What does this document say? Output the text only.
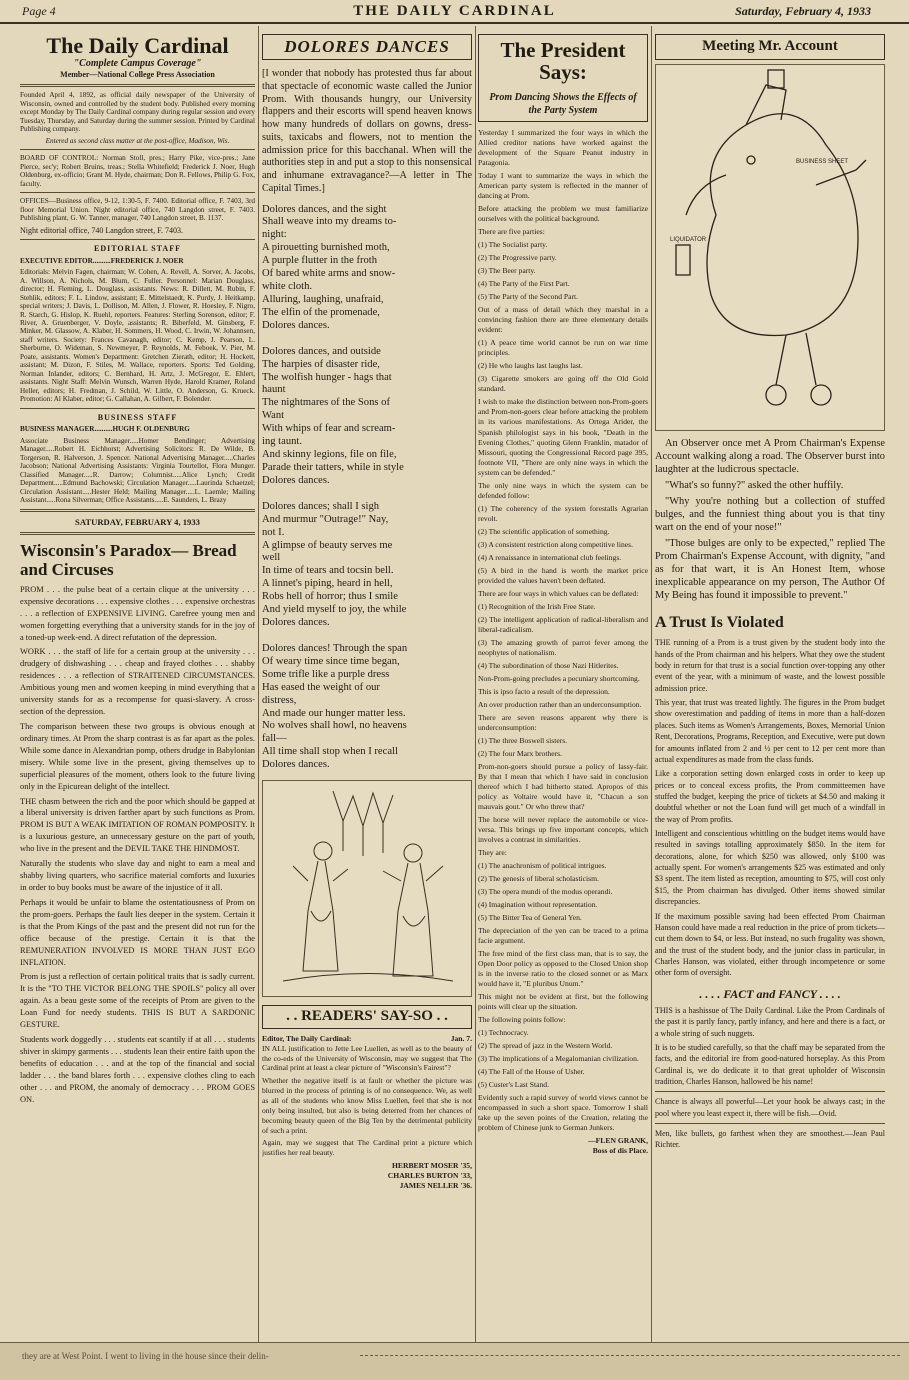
Page 4	THE DAILY CARDINAL	Saturday, February 4, 1933
The Daily Cardinal
"Complete Campus Coverage"
Member—National College Press Association

Founded April 4, 1892, as official daily newspaper of the University of Wisconsin, owned and controlled by the student body. Published every morning except Monday by The Daily Cardinal company during regular session and every Tuesday, Thursday, and Saturday during the summer session. Printed by Cardinal Publishing company.

Entered as second class matter at the post-office, Madison, Wis.

BOARD OF CONTROL: Norman Stoll, pres.; Harry Pike, vice-pres.; Jane Pierce, sec'y; Robert Bruins, treas.; Stella Whitefield; Frederick J. Noer, Hugh Oldenburg, ex-officio; Grant M. Hyde, chairman; Don R. Fellows, Philip G. Fox, faculty.

OFFICES—Business office, 9-12, 1:30-5, F. 7400. Editorial office, F. 7403, 3rd floor Memorial Union. Night editorial office, 740 Langdon street, F. 7403. Publishing plant, G. W. Tanner, manager, 740 Langdon street, B. 1137.

Night editorial office, 740 Langdon street, F. 7403.

EDITORIAL STAFF

EXECUTIVE EDITOR..........FREDERICK J. NOER

Editorials: Melvin Fagen, chairman; W. Cohen, A. Revell, A. Sorver, A. Jacobs, A. Willson, A. Nichols, M. Blum, C. Fuller. Personnel: Marian Douglass, director; H. Fleming, L. Douglass, assistants. News: R. Dillett, M. Rubin, F. Stehlik, editors; F. L. Lindow, assistant; E. Mittelstaedt, K. Purdy, J. Heitkamp, special writers; J. Davis, L. Dollison, M. Allen, J. Flower, R. Hoesley, F. Nigro, R. Starch, G. Hislop, K. Ruehl, reporters. Features: Sterling Sorenson, editor; F. River, A. Gruenberger, V. Doyle, assistants; R. Biberfeld, M. Ginsberg, F. Minker, M. Glassow, A. Klaber, H. Sommers, H. Wood, C. Irwin, W. Johannsen, staff writers. Society: Frances Cavanagh, editor; C. Kemp, J. Pearson, L. Sherburne, O. Wideman, S. Newmeyer, P. Reynolds, M. Feboek, V. Pier, M. Poate, assistants. Women's Department: Gretchen Zierath, editor; H. Hockett, assistant; M. Dizon, F. Stiles, M. Wallace, reporters. Sports: Ted Golding, Norman Inlander, editors; C. Bernhard, H. Artz, J. McGregor, E. Ehlert, assistants. Night Staff: Melvin Wunsch, Warren Hyde, Harold Kramer, Roland Heller, editors; H. Fredman, J. Schild, W. Little, O. Anderson, G. Krueck. Promotion: Al Klaber, editor; G. Callahan, A. Gilbert, F. Bolender.

BUSINESS STAFF

BUSINESS MANAGER..........HUGH F. OLDENBURG

Associate Business Manager.....Homer Bendinger; Advertising Manager.....Robert H. Eichhorst; Advertising Solicitors: R. De Wilde, B. Torgerson, R. Halverson, J. Spencer. National Advertising Manager.....Charles Jacobson; National Advertising Assistants: Virginia Tourtellot, Flora Munger. Classified Manager.....R. Darrow; Columnist.....Alice Lynch; Credit Department.....Edmund Bachowski; Circulation Manager.....Laurinda Schaetzel; Circulation Assistant.....Hester Held; Mailing Manager.....L. Laemle; Mailing Assistant.....Rona Silverman; Office Assistants.....E. Saunders, L. Brazy

SATURDAY, FEBRUARY 4, 1933
Wisconsin's Paradox— Bread and Circuses

PROM . . . the pulse beat of a certain clique at the university . . . expensive decorations . . . expensive clothes . . . expensive orchestras . . . a reflection of EXPENSIVE LIVING. Carefree young men and women forgetting everything that a university stands for in the joy of a toned-up week-end. A direct refutation of the depression.

WORK . . . the staff of life for a certain group at the university . . . drudgery of dishwashing . . . cheap and frayed clothes . . . shabby residences . . . a reflection of STRAITENED CIRCUMSTANCES. Ambitious young men and women keeping in mind everything that a university stands for as a recompense for quasi-slavery. A cross-section of the depression.

The comparison between these two groups is obvious enough at ordinary times. At Prom the sharp contrast is as far apart as the poles. While some dance in Alexandrian pomp, others drudge in Babylonian misery. While some live in the present, giving themselves up to superficial pleasures of the moment, others look to the future living only in the Epicurean delight of the intellect.

THE chasm between the rich and the poor which should be gapped at a liberal university is driven farther apart by such functions as Prom. PROM IS BUT A WEAK IMITATION OF ROMAN POMPOSITY. It is a luxurious gesture, an unnecessary gesture on the part of youth, who live in the present and the DEVIL TAKE THE HINDMOST.

Naturally the students who slave day and night to earn a meal and shabby living quarters, who sacrifice material comforts and luxuries in order to buy books must be aware of the injustice of it all.

Perhaps it would be unfair to blame the ostentatiousness of Prom on the prom-goers. Perhaps the fault lies deeper in the system. Certain it is that the Prom Kings of the past and the present did not run for the office because of the prestige. Certain it is that the REMUNERATION INVOLVED IS MORE THAN JUST EGO INFLATION.

Prom is just a reflection of certain political traits that is sadly current. It is the "TO THE VICTOR BELONG THE SPOILS" policy all over again. As a beau geste some of the receipts of Prom are given to the Loan Fund for needy students. THIS IS BUT A SARDONIC GESTURE.

Students work doggedly . . . students eat scantily if at all . . . students shiver in skimpy garments . . . students lean their entire faith upon the benefits of education . . . and at the top of the financial and social ladder . . . the band blares forth . . . expensive clothes cling to each other . . . and PROM, the anomaly of democracy . . . PROM GOES ON.

DOLORES DANCES

[I wonder that nobody has protested thus far about that spectacle of economic waste called the Junior Prom. With thousands hungry, our University flappers and their escorts will spend heaven knows how many hundreds of dollars on gowns, dress-suits, taxicabs and flowers, not to mention the admission price for this bacchanal. When will the authorities step in and put a stop to this nonsensical and inhumane extravagance?—A letter in The Capital Times.]

Dolores dances, and the sight
Shall weave into my dreams to-
night:
A pirouetting burnished moth,
A purple flutter in the froth
Of bared white arms and snow-
white cloth.
Alluring, laughing, unafraid,
The elfin of the promenade,
Dolores dances.

Dolores dances, and outside
The harpies of disaster ride,
The wolfish hunger - hags that
haunt
The nightmares of the Sons of
Want
With whips of fear and scream-
ing taunt.
And skinny legions, file on file,
Parade their tatters, while in style
Dolores dances.

Dolores dances; shall I sigh
And murmur "Outrage!" Nay,
not I.
A glimpse of beauty serves me
well
In time of tears and tocsin bell.
A linnet's piping, heard in hell,
Robs hell of horror; thus I smile
And yield myself to joy, the while
Dolores dances.

Dolores dances! Through the span
Of weary time since time began,
Some trifle like a purple dress
Has eased the weight of our
distress,
And made our hunger matter less.
No wolves shall howl, no heavens
fall—
All time shall stop when I recall
Dolores dances.
. . READERS' SAY-SO . .
Editor, The Daily Cardinal:	Jan. 7.

IN ALL justification to Jette Lee Luellen, as well as to the beauty of the co-eds of the University of Wisconsin, may we suggest that The Cardinal print at least a clear picture of "Wisconsin's Fairest"?

Whether the negative itself is at fault or whether the picture was blurred in the process of printing is of no consequence. We, as well as all of the students who know Miss Luellen, feel that she is not only being insulted, but also is being deterred from her chances of becoming beauty queen of the Big Ten by the detrimental publicity of such a print.

Again, may we suggest that The Cardinal print a picture which justifies her real beauty.

HERBERT MOSER '35,
CHARLES BURTON '33,
JAMES NELLER '36.
The President Says:
Prom Dancing Shows the Effects of the Party System

Yesterday I summarized the four ways in which the Allied creditor nations have worked against the development of the Square Peanut industry in Patagonia.

Today I want to summarize the ways in which the American party system is reflected in the manner of dancing at Prom.

Before attacking the problem we must familiarize ourselves with the political background.

There are five parties:

(1) The Socialist party.

(2) The Progressive party.

(3) The Beer party.

(4) The Party of the First Part.

(5) The Party of the Second Part.

Out of a mass of detail which they marshal in a convincing fashion there are three elementary details evident:

(1) A peace time world cannot be run on war time principles.

(2) He who laughs last laughs last.

(3) Cigarette smokers are going off the Old Gold standard.

I wish to make the distinction between non-Prom-goers and Prom-non-goers clear before attacking the problem in its various manifestations. As Ortega Arider, the Spanish philologist says in his book, "Death in the Evening Clothes," quoting Glenn Franklin, matador of Missouri, quoting the Congressional Record page 395, footnote VII, "There are only nine ways in which the system can be defended."

The only nine ways in which the system can be defended follow:

(1) The coherency of the system forestalls Agrarian revolt.

(2) The scientific application of something.

(3) A consistent restriction along competitive lines.

(4) A renaissance in international club feelings.

(5) A bird in the hand is worth the market price provided the values haven't been deflated.

There are four ways in which values can be deflated:

(1) Recognition of the Irish Free State.

(2) The intelligent application of radical-liberalism and liberal-radicalism.

(3) The amazing growth of parrot fever among the neophytes of nationalism.

(4) The subordination of those Nazi Hitlerites.

Non-Prom-going precludes a pecuniary shortcoming.

This is ipso facto a result of the depression.

An over production rather than an underconsumption.

There are seven reasons apparent why there is underconsumption:

(1) The three Boswell sisters.

(2) The four Marx brothers.

Prom-non-goers should pursue a policy of lassy-fair. By that I mean that which I have said in conclusion thereof which I had hitherto stated. Apropos of this policy as Voltaire would have it, "Chacun a son mauvais gout." Or who threw that?

The horse will never replace the automobile or vice-versa. This brings up five important concepts, which involves a contrast in similarities.

They are:

(1) The anachronism of political intrigues.

(2) The genesis of liberal scholasticism.

(3) The opera mundi of the modus operandi.

(4) Imagination without representation.

(5) The Bitter Tea of General Yen.

The depreciation of the yen can be traced to a prima facie argument.

The free mind of the first class man, that is to say, the Open Door policy as opposed to the Closed Union shop is in the inverse ratio to the closed sonnet or as Marx would have it, "E pluribus Unum."

This might not be evident at first, but the following points will clear up the situation.

The following points follow:

(1) Technocracy.

(2) The spread of jazz in the Western World.

(3) The implications of a Megalomanian civilization.

(4) The Fall of the House of Usher.

(5) Custer's Last Stand.

Evidently such a rapid survey of world views cannot be encompassed in such a short space. Tomorrow I shall take up the seven points of the Creation, relating the problem of Chinese junk to German Junkers.

—FLEN GRANK,
Boss of dis Place.
Meeting Mr. Account
BUSINESS SHEET
LIQUIDATOR

An Observer once met A Prom Chairman's Expense Account walking along a road. The Observer burst into laughter at the ludicrous spectacle.

"What's so funny?" asked the other huffily.

"Why you're nothing but a collection of stuffed bulges, and the funniest thing about you is that tiny wart on the end of your nose!"

"Those bulges are only to be expected," replied The Prom Chairman's Expense Account, with dignity, "and as for that wart, it is An Honest Item, whose inexplicable appearance on my person, The Author Of My Being has found it impossible to prevent."

A Trust Is Violated

THE running of a Prom is a trust given by the student body into the hands of the Prom chairman and his helpers. What they owe the student body in return for that trust is a social function over-topping any other event of the year, with a minimum of waste, and the lowest possible admission price.

This year, that trust was treated lightly. The figures in the Prom budget show overestimation and padding of items in more than a half-dozen places. Such items as Women's Arrangements, Boxes, Memorial Union Rent, Decorations, Programs, Reception, and Executive, were put down for amounts inflated from 2 and ½ per cent to 12 per cent more than actual expenditures as made from the class funds.

Like a corporation setting down enlarged costs in order to keep up prices or to conceal excess profits, the Prom committeemen have stuffed the budget, keeping the price of tickets at $4.50 and making it doubtful whether or not the Loan fund will get much of a windfall in the way of Prom profits.

Intelligent and conscientious whittling on the budget items would have resulted in savings totalling approximately $850. In the item for decorations, alone, for which $250 was allowed, only $100 was actually spent. For women's arrangements $25 was estimated and only $3 spent. The item listed as reception, amounting to $75, will cost only $15, the Prom chairman has divulged. Other items showed similar discrepancies.

If the maximum possible saving had been effected Prom Chairman Hanson could have made a real reduction in the price of prom tickets—cut them down to $4, or less. But instead, no such frugality was shown, and the trust of the student body, and the junior class in particular, in Charles Hanson, was violated, either through incompetence or some other form of oversight.

. . . . FACT and FANCY . . . .

THIS is a hashissue of The Daily Cardinal. Like the Prom Cardinals of the past it is partly fancy, partly infancy, and here and there is a fact, or a whole string of such nuggets.

It is to be studied carefully, so that the chaff may be separated from the facts, and the editorial ire from good-natured horseplay. As this Prom Cardinal is, we do dedicate it to that great upholder of Wisconsin tradition, Charles Hanson, hallowed be his name!

Chance is always all powerful—Let your hook be always cast; in the pool where you least expect it, there will be fish.—Ovid.

Men, like bullets, go farthest when they are smoothest.—Jean Paul Richter.

they are at West Point. I went to living in the house since their delin-
